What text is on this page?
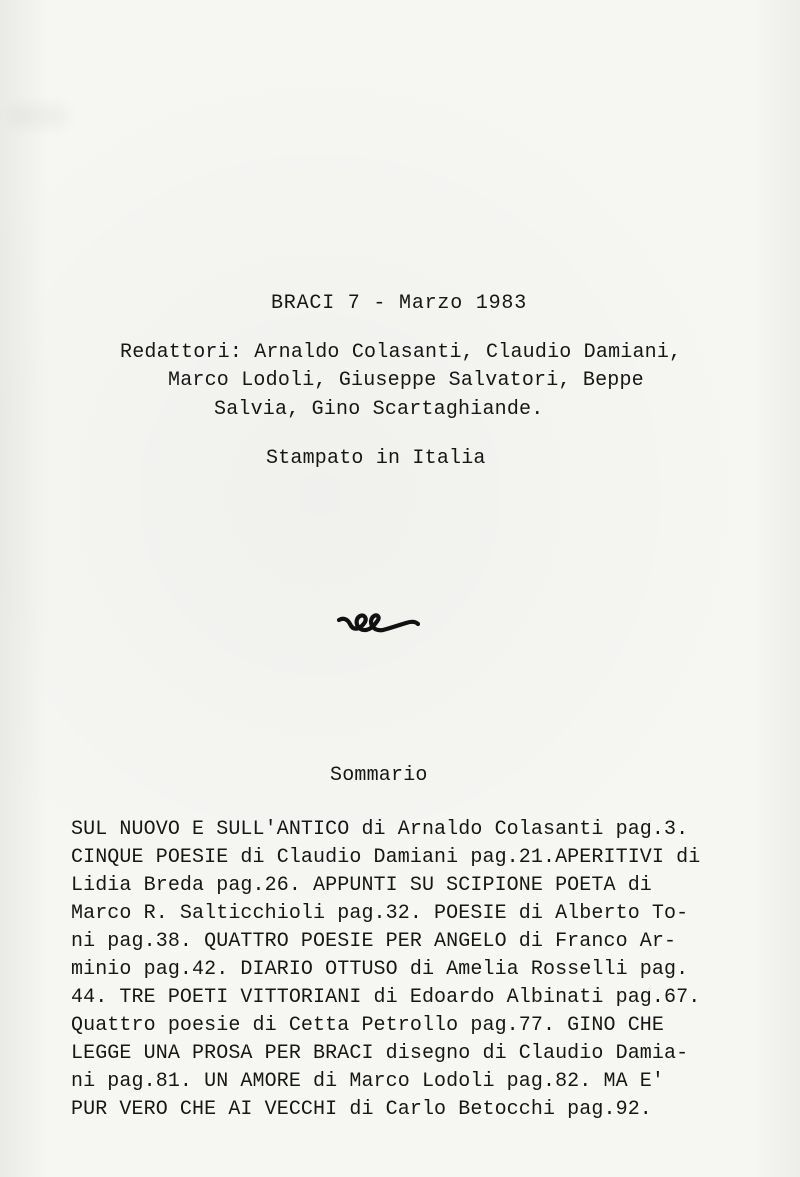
BRACI 7 - Marzo 1983
Redattori: Arnaldo Colasanti, Claudio Damiani,
Marco Lodoli, Giuseppe Salvatori, Beppe
Salvia, Gino Scartaghiande.
Stampato in Italia
Sommario
SUL NUOVO E SULL'ANTICO di Arnaldo Colasanti pag.3.
CINQUE POESIE di Claudio Damiani pag.21.APERITIVI di
Lidia Breda pag.26. APPUNTI SU SCIPIONE POETA di
Marco R. Salticchioli pag.32. POESIE di Alberto To-
ni pag.38. QUATTRO POESIE PER ANGELO di Franco Ar-
minio pag.42. DIARIO OTTUSO di Amelia Rosselli pag.
44. TRE POETI VITTORIANI di Edoardo Albinati pag.67.
Quattro poesie di Cetta Petrollo pag.77. GINO CHE
LEGGE UNA PROSA PER BRACI disegno di Claudio Damia-
ni pag.81. UN AMORE di Marco Lodoli pag.82. MA E'
PUR VERO CHE AI VECCHI di Carlo Betocchi pag.92.
